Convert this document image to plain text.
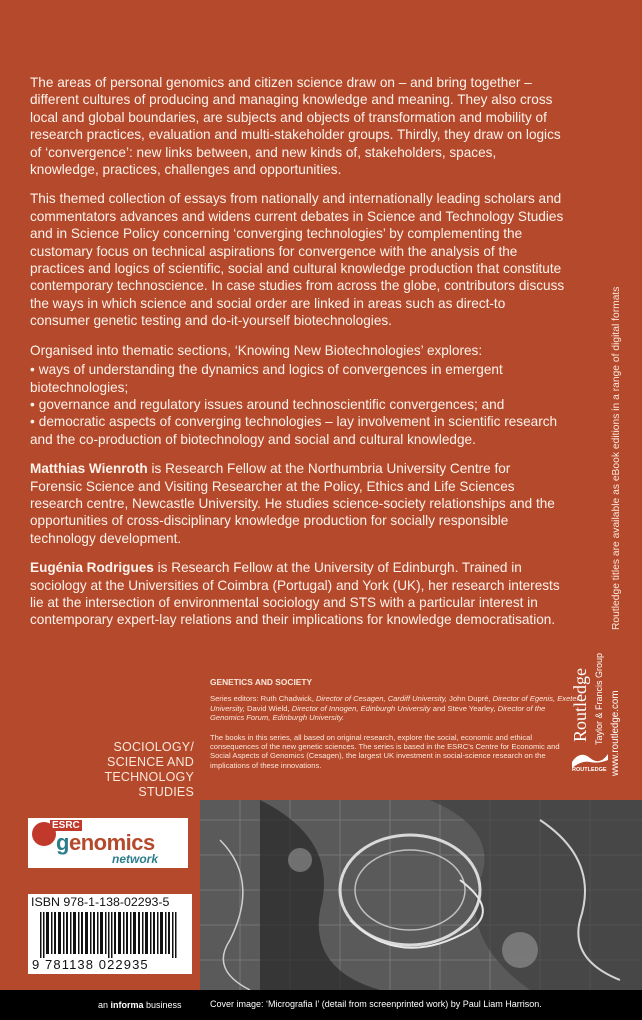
The areas of personal genomics and citizen science draw on – and bring together – different cultures of producing and managing knowledge and meaning. They also cross local and global boundaries, are subjects and objects of transformation and mobility of research practices, evaluation and multi-stakeholder groups. Thirdly, they draw on logics of ‘convergence’: new links between, and new kinds of, stakeholders, spaces, knowledge, practices, challenges and opportunities.

This themed collection of essays from nationally and internationally leading scholars and commentators advances and widens current debates in Science and Technology Studies and in Science Policy concerning ‘converging technologies’ by complementing the customary focus on technical aspirations for convergence with the analysis of the practices and logics of scientific, social and cultural knowledge production that constitute contemporary technoscience. In case studies from across the globe, contributors discuss the ways in which science and social order are linked in areas such as direct-to consumer genetic testing and do-it-yourself biotechnologies.

Organised into thematic sections, ‘Knowing New Biotechnologies’ explores:

• ways of understanding the dynamics and logics of convergences in emergent biotechnologies;
• governance and regulatory issues around technoscientific convergences; and
• democratic aspects of converging technologies – lay involvement in scientific research and the co-production of biotechnology and social and cultural knowledge.

Matthias Wienroth is Research Fellow at the Northumbria University Centre for Forensic Science and Visiting Researcher at the Policy, Ethics and Life Sciences research centre, Newcastle University. He studies science-society relationships and the opportunities of cross-disciplinary knowledge production for socially responsible technology development.

Eugénia Rodrigues is Research Fellow at the University of Edinburgh. Trained in sociology at the Universities of Coimbra (Portugal) and York (UK), her research interests lie at the intersection of environmental sociology and STS with a particular interest in contemporary expert-lay relations and their implications for knowledge democratisation.	Routledge titles are available as eBook editions in a range of digital formats
SOCIOLOGY/
SCIENCE AND
TECHNOLOGY STUDIES
GENETICS AND SOCIETY
Series editors: Ruth Chadwick, Director of Cesagen, Cardiff University, John Dupré, Director of Egenis, Exeter University, David Wield, Director of Innogen, Edinburgh University and Steve Yearley, Director of the Genomics Forum, Edinburgh University.
The books in this series, all based on original research, explore the social, economic and ethical consequences of the new genetic sciences. The series is based in the ESRC's Centre for Economic and Social Aspects of Genomics (Cesagen), the largest UK investment in social-science research on the implications of these innovations.
Routledge Taylor & Francis Group
ROUTLEDGE www.routledge.com
ESRC
genomics
network
ISBN 978-1-138-02293-5
9 781138 022935
an informa business	Cover image: ‘Micrografia I’ (detail from screenprinted work) by Paul Liam Harrison.
